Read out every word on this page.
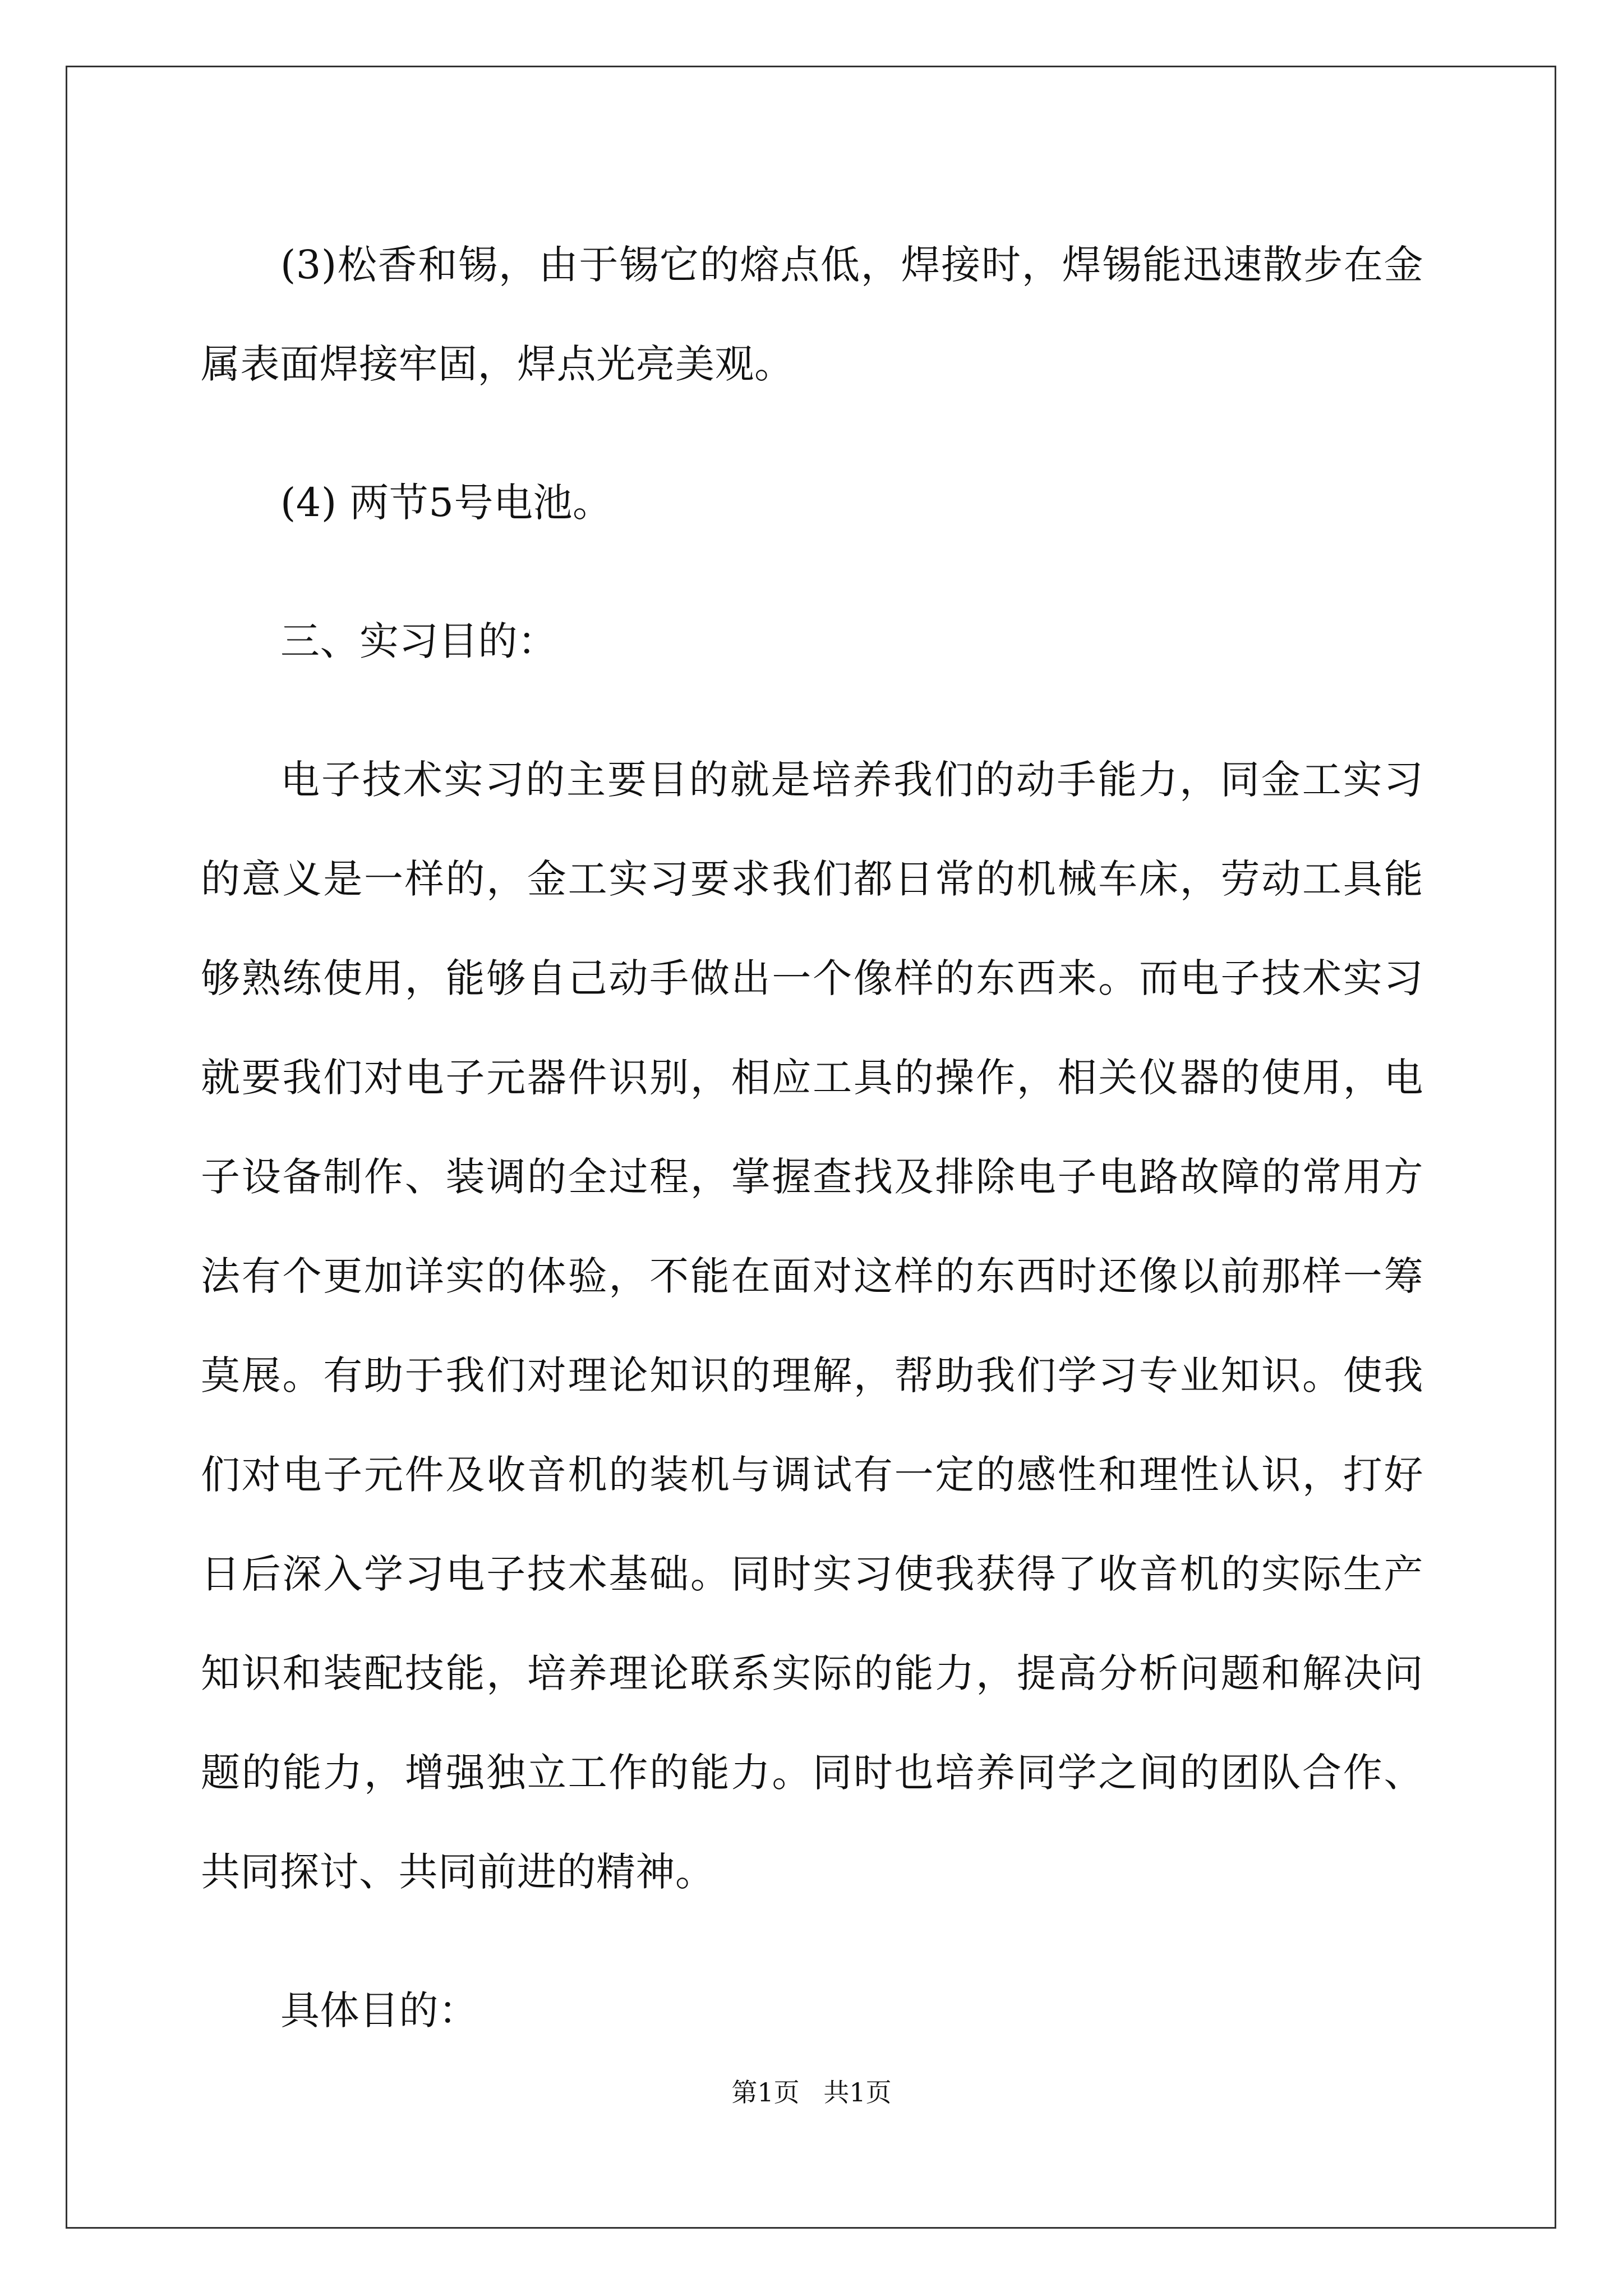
(3)松香和锡，由于锡它的熔点低，焊接时，焊锡能迅速散步在金属表面焊接牢固，焊点光亮美观。

(4) 两节5号电池。

三、实习目的：

电子技术实习的主要目的就是培养我们的动手能力，同金工实习的意义是一样的，金工实习要求我们都日常的机械车床，劳动工具能够熟练使用，能够自己动手做出一个像样的东西来。而电子技术实习就要我们对电子元器件识别，相应工具的操作，相关仪器的使用，电子设备制作、装调的全过程，掌握查找及排除电子电路故障的常用方法有个更加详实的体验，不能在面对这样的东西时还像以前那样一筹莫展。有助于我们对理论知识的理解，帮助我们学习专业知识。使我们对电子元件及收音机的装机与调试有一定的感性和理性认识，打好日后深入学习电子技术基础。同时实习使我获得了收音机的实际生产知识和装配技能，培养理论联系实际的能力，提高分析问题和解决问题的能力，增强独立工作的能力。同时也培养同学之间的团队合作、共同探讨、共同前进的精神。

具体目的：

第1页 共1页
